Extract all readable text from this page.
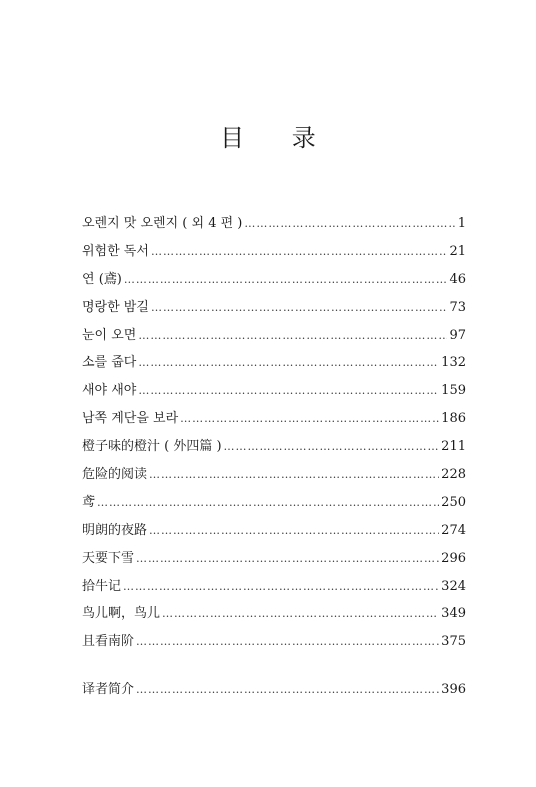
目 录
오렌지 맛 오렌지 ( 외 4 편 ) ……………………………………………………………………………………………………………………………………………………………………	1
위험한 독서 ……………………………………………………………………………………………………………………………………………………………………	21
연 (鳶) ……………………………………………………………………………………………………………………………………………………………………	46
명랑한 밤길 ……………………………………………………………………………………………………………………………………………………………………	73
눈이 오면 ……………………………………………………………………………………………………………………………………………………………………	97
소를 줍다 ……………………………………………………………………………………………………………………………………………………………………	132
새야 새야 ……………………………………………………………………………………………………………………………………………………………………	159
남쪽 계단을 보라 ……………………………………………………………………………………………………………………………………………………………………	186
橙子味的橙汁 ( 外四篇 ) ……………………………………………………………………………………………………………………………………………………………………	211
危险的阅读 ……………………………………………………………………………………………………………………………………………………………………	228
鸢 ……………………………………………………………………………………………………………………………………………………………………	250
明朗的夜路 ……………………………………………………………………………………………………………………………………………………………………	274
天要下雪 ……………………………………………………………………………………………………………………………………………………………………	296
拾牛记 ……………………………………………………………………………………………………………………………………………………………………	324
鸟儿啊，鸟儿 ……………………………………………………………………………………………………………………………………………………………………	349
且看南阶 ……………………………………………………………………………………………………………………………………………………………………	375
译者简介 ……………………………………………………………………………………………………………………………………………………………………	396
